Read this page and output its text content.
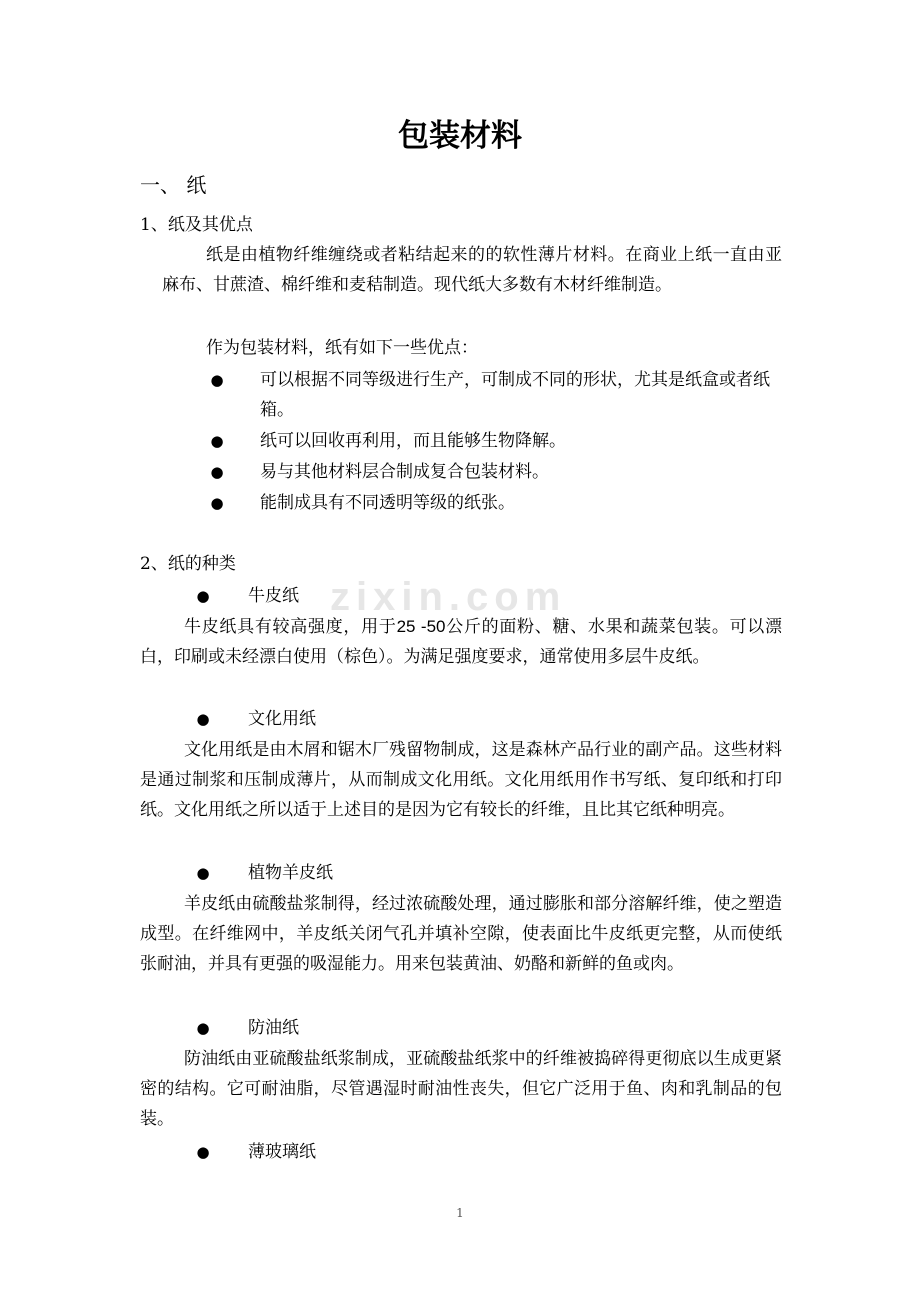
zixin.com
包装材料
一、 纸
1、纸及其优点

纸是由植物纤维缠绕或者粘结起来的的软性薄片材料。在商业上纸一直由亚麻布、甘蔗渣、棉纤维和麦秸制造。现代纸大多数有木材纤维制造。

作为包装材料，纸有如下一些优点：

●	可以根据不同等级进行生产，可制成不同的形状，尤其是纸盒或者纸箱。
●	纸可以回收再利用，而且能够生物降解。
●	易与其他材料层合制成复合包装材料。
●	能制成具有不同透明等级的纸张。
2、纸的种类
●	牛皮纸

牛皮纸具有较高强度，用于25 -50公斤的面粉、糖、水果和蔬菜包装。可以漂白，印刷或未经漂白使用（棕色）。为满足强度要求，通常使用多层牛皮纸。

●	文化用纸

文化用纸是由木屑和锯木厂残留物制成，这是森林产品行业的副产品。这些材料是通过制浆和压制成薄片，从而制成文化用纸。文化用纸用作书写纸、复印纸和打印纸。文化用纸之所以适于上述目的是因为它有较长的纤维，且比其它纸种明亮。

●	植物羊皮纸

羊皮纸由硫酸盐浆制得，经过浓硫酸处理，通过膨胀和部分溶解纤维，使之塑造成型。在纤维网中，羊皮纸关闭气孔并填补空隙，使表面比牛皮纸更完整，从而使纸张耐油，并具有更强的吸湿能力。用来包装黄油、奶酪和新鲜的鱼或肉。

●	防油纸

防油纸由亚硫酸盐纸浆制成，亚硫酸盐纸浆中的纤维被捣碎得更彻底以生成更紧密的结构。它可耐油脂，尽管遇湿时耐油性丧失，但它广泛用于鱼、肉和乳制品的包装。

●	薄玻璃纸
1
